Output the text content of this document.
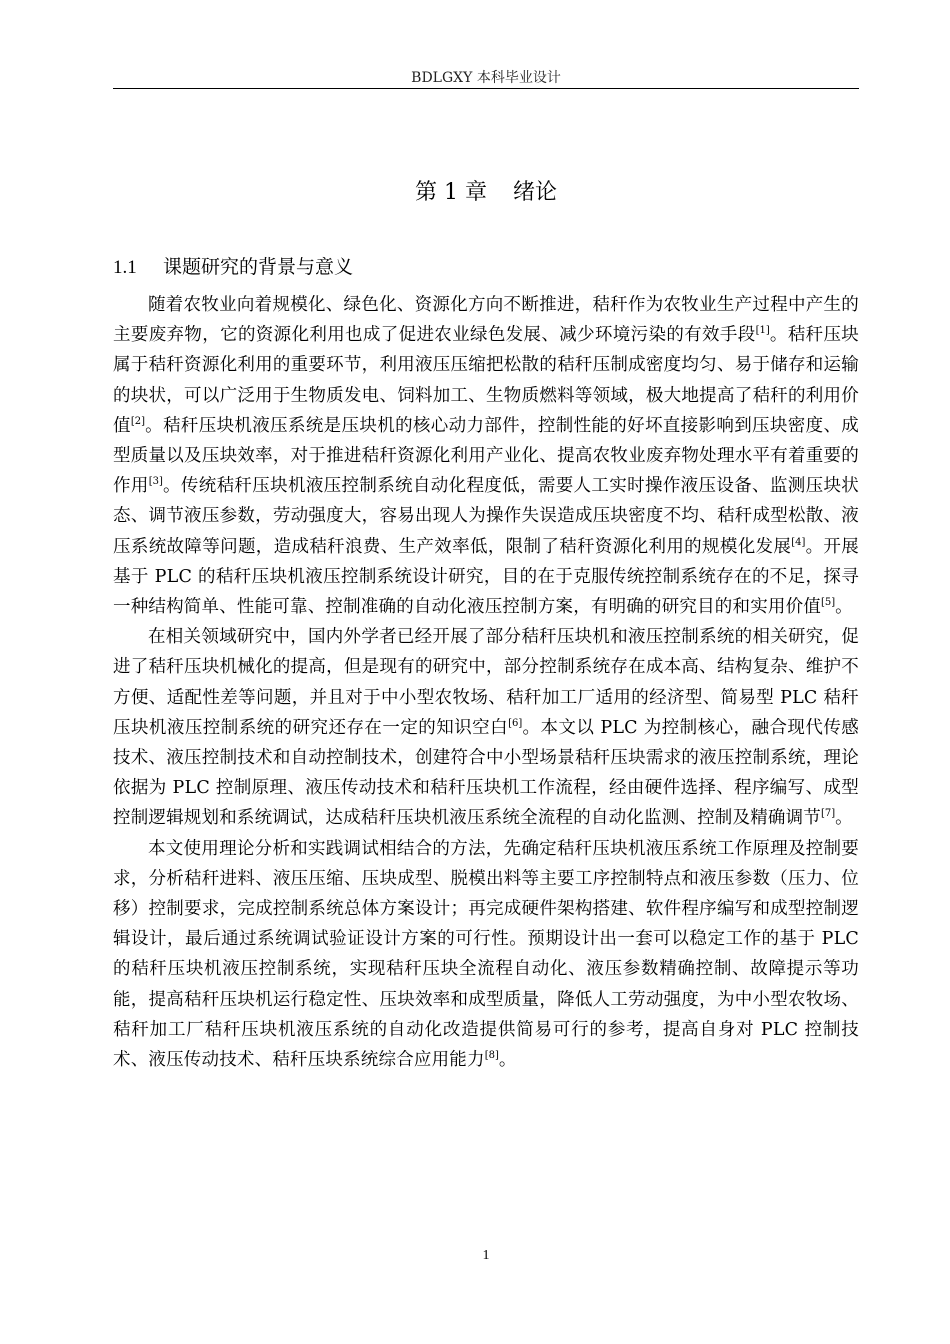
BDLGXY 本科毕业设计
第 1 章 绪论
1.1 课题研究的背景与意义

随着农牧业向着规模化、绿色化、资源化方向不断推进，秸秆作为农牧业生产过程中产生的主要废弃物，它的资源化利用也成了促进农业绿色发展、减少环境污染的有效手段[1]。秸秆压块属于秸秆资源化利用的重要环节，利用液压压缩把松散的秸秆压制成密度均匀、易于储存和运输的块状，可以广泛用于生物质发电、饲料加工、生物质燃料等领域，极大地提高了秸秆的利用价值[2]。秸秆压块机液压系统是压块机的核心动力部件，控制性能的好坏直接影响到压块密度、成型质量以及压块效率，对于推进秸秆资源化利用产业化、提高农牧业废弃物处理水平有着重要的作用[3]。传统秸秆压块机液压控制系统自动化程度低，需要人工实时操作液压设备、监测压块状态、调节液压参数，劳动强度大，容易出现人为操作失误造成压块密度不均、秸秆成型松散、液压系统故障等问题，造成秸秆浪费、生产效率低，限制了秸秆资源化利用的规模化发展[4]。开展基于 PLC 的秸秆压块机液压控制系统设计研究，目的在于克服传统控制系统存在的不足，探寻一种结构简单、性能可靠、控制准确的自动化液压控制方案，有明确的研究目的和实用价值[5]。

在相关领域研究中，国内外学者已经开展了部分秸秆压块机和液压控制系统的相关研究，促进了秸秆压块机械化的提高，但是现有的研究中，部分控制系统存在成本高、结构复杂、维护不方便、适配性差等问题，并且对于中小型农牧场、秸秆加工厂适用的经济型、简易型 PLC 秸秆压块机液压控制系统的研究还存在一定的知识空白[6]。本文以 PLC 为控制核心，融合现代传感技术、液压控制技术和自动控制技术，创建符合中小型场景秸秆压块需求的液压控制系统，理论依据为 PLC 控制原理、液压传动技术和秸秆压块机工作流程，经由硬件选择、程序编写、成型控制逻辑规划和系统调试，达成秸秆压块机液压系统全流程的自动化监测、控制及精确调节[7]。

本文使用理论分析和实践调试相结合的方法，先确定秸秆压块机液压系统工作原理及控制要求，分析秸秆进料、液压压缩、压块成型、脱模出料等主要工序控制特点和液压参数（压力、位移）控制要求，完成控制系统总体方案设计；再完成硬件架构搭建、软件程序编写和成型控制逻辑设计，最后通过系统调试验证设计方案的可行性。预期设计出一套可以稳定工作的基于 PLC 的秸秆压块机液压控制系统，实现秸秆压块全流程自动化、液压参数精确控制、故障提示等功能，提高秸秆压块机运行稳定性、压块效率和成型质量，降低人工劳动强度，为中小型农牧场、秸秆加工厂秸秆压块机液压系统的自动化改造提供简易可行的参考，提高自身对 PLC 控制技术、液压传动技术、秸秆压块系统综合应用能力[8]。

1
